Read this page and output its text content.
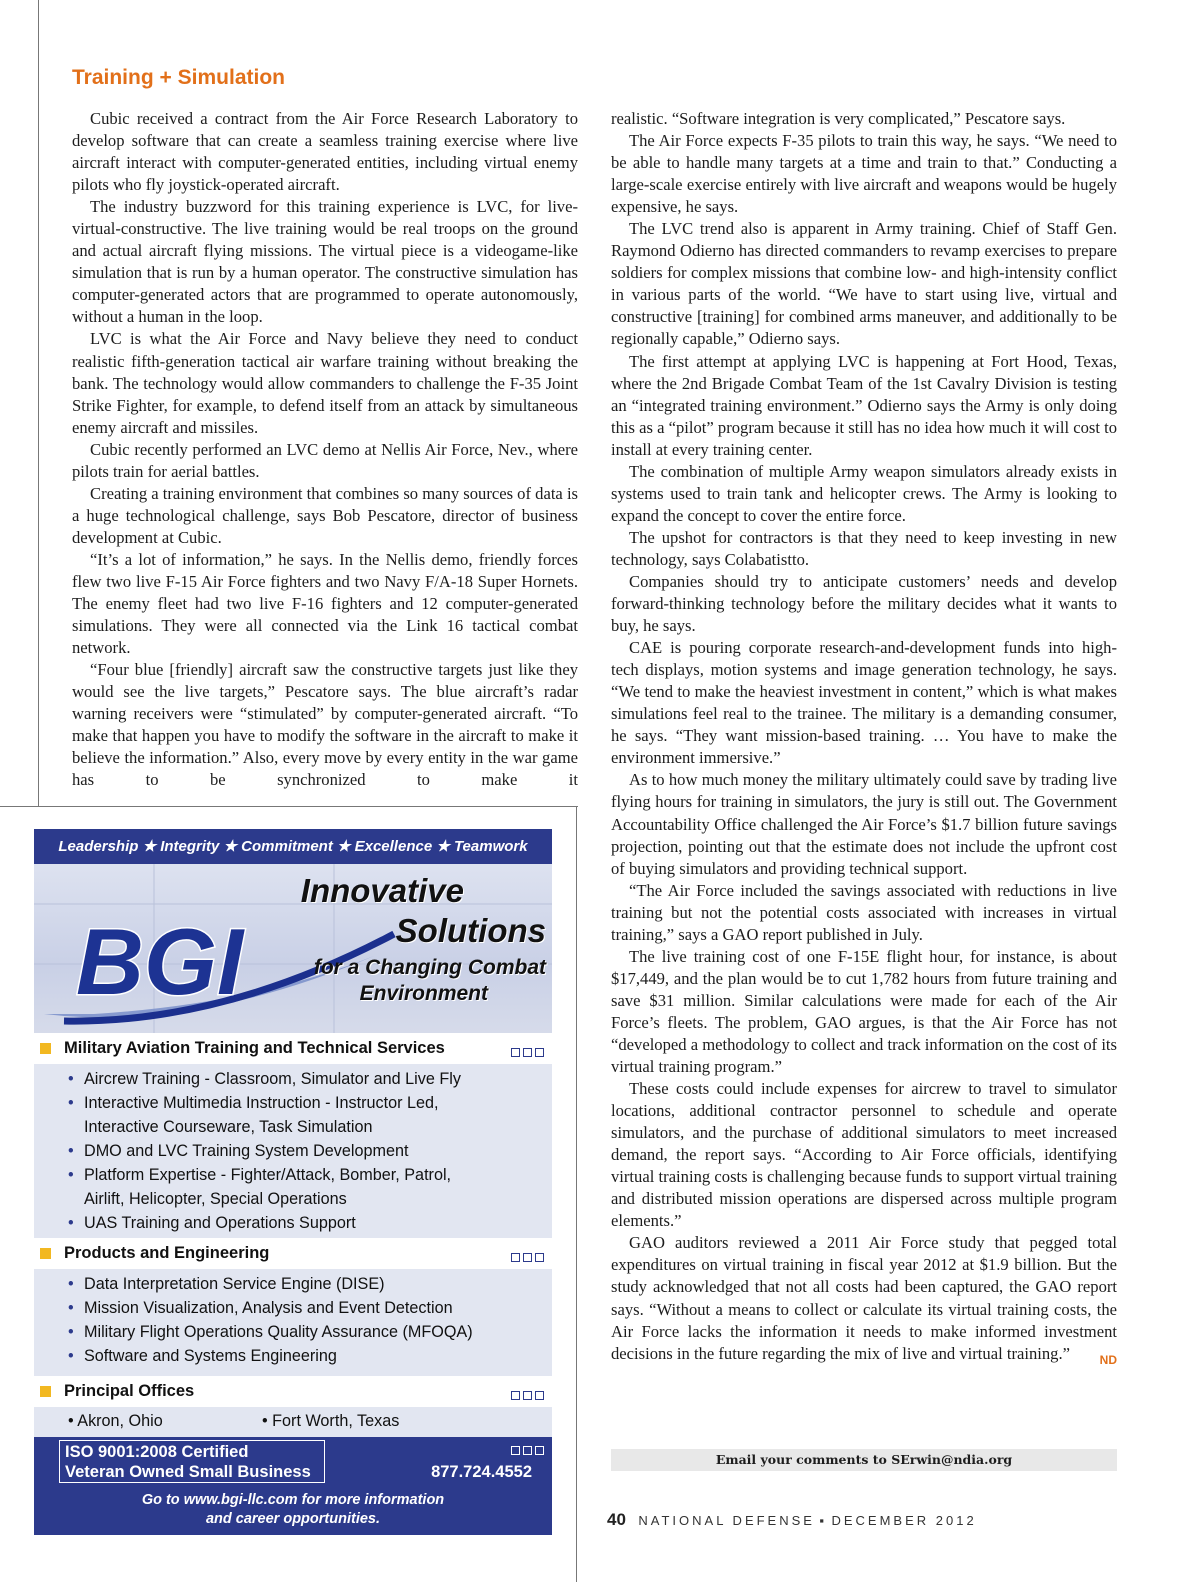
Training + Simulation

Cubic received a contract from the Air Force Research Laboratory to develop software that can create a seamless training exercise where live aircraft interact with computer-generated entities, including virtual enemy pilots who fly joystick-operated aircraft.

The industry buzzword for this training experience is LVC, for live-virtual-constructive. The live training would be real troops on the ground and actual aircraft flying missions. The virtual piece is a videogame-like simulation that is run by a human operator. The constructive simulation has computer-generated actors that are programmed to operate autonomously, without a human in the loop.

LVC is what the Air Force and Navy believe they need to conduct realistic fifth-generation tactical air warfare training without breaking the bank. The technology would allow commanders to challenge the F-35 Joint Strike Fighter, for example, to defend itself from an attack by simultaneous enemy aircraft and missiles.

Cubic recently performed an LVC demo at Nellis Air Force, Nev., where pilots train for aerial battles.

Creating a training environment that combines so many sources of data is a huge technological challenge, says Bob Pescatore, director of business development at Cubic.

“It’s a lot of information,” he says. In the Nellis demo, friendly forces flew two live F-15 Air Force fighters and two Navy F/A-18 Super Hornets. The enemy fleet had two live F-16 fighters and 12 computer-generated simulations. They were all connected via the Link 16 tactical combat network.

“Four blue [friendly] aircraft saw the constructive targets just like they would see the live targets,” Pescatore says. The blue aircraft’s radar warning receivers were “stimulated” by computer-generated aircraft. “To make that happen you have to modify the software in the aircraft to make it believe the information.” Also, every move by every entity in the war game has to be synchronized to make it

realistic. “Software integration is very complicated,” Pescatore says.

The Air Force expects F-35 pilots to train this way, he says. “We need to be able to handle many targets at a time and train to that.” Conducting a large-scale exercise entirely with live aircraft and weapons would be hugely expensive, he says.

The LVC trend also is apparent in Army training. Chief of Staff Gen. Raymond Odierno has directed commanders to revamp exercises to prepare soldiers for complex missions that combine low- and high-intensity conflict in various parts of the world. “We have to start using live, virtual and constructive [training] for combined arms maneuver, and additionally to be regionally capable,” Odierno says.

The first attempt at applying LVC is happening at Fort Hood, Texas, where the 2nd Brigade Combat Team of the 1st Cavalry Division is testing an “integrated training environment.” Odierno says the Army is only doing this as a “pilot” program because it still has no idea how much it will cost to install at every training center.

The combination of multiple Army weapon simulators already exists in systems used to train tank and helicopter crews. The Army is looking to expand the concept to cover the entire force.

The upshot for contractors is that they need to keep investing in new technology, says Colabatistto.

Companies should try to anticipate customers’ needs and develop forward-thinking technology before the military decides what it wants to buy, he says.

CAE is pouring corporate research-and-development funds into high-tech displays, motion systems and image generation technology, he says. “We tend to make the heaviest investment in content,” which is what makes simulations feel real to the trainee. The military is a demanding consumer, he says. “They want mission-based training. … You have to make the environment immersive.”

As to how much money the military ultimately could save by trading live flying hours for training in simulators, the jury is still out. The Government Accountability Office challenged the Air Force’s $1.7 billion future savings projection, pointing out that the estimate does not include the upfront cost of buying simulators and providing technical support.

“The Air Force included the savings associated with reductions in live training but not the potential costs associated with increases in virtual training,” says a GAO report published in July.

The live training cost of one F-15E flight hour, for instance, is about $17,449, and the plan would be to cut 1,782 hours from future training and save $31 million. Similar calculations were made for each of the Air Force’s fleets. The problem, GAO argues, is that the Air Force has not “developed a methodology to collect and track information on the cost of its virtual training program.”

These costs could include expenses for aircrew to travel to simulator locations, additional contractor personnel to schedule and operate simulators, and the purchase of additional simulators to meet increased demand, the report says. “According to Air Force officials, identifying virtual training costs is challenging because funds to support virtual training and distributed mission operations are dispersed across multiple program elements.”

GAO auditors reviewed a 2011 Air Force study that pegged total expenditures on virtual training in fiscal year 2012 at $1.9 billion. But the study acknowledged that not all costs had been captured, the GAO report says. “Without a means to collect or calculate its virtual training costs, the Air Force lacks the information it needs to make informed investment decisions in the future regarding the mix of live and virtual training.”	ND

Email your comments to SErwin@ndia.org
40 NATIONAL DEFENSE ▪ DECEMBER 2012
Leadership ★ Integrity ★ Commitment ★ Excellence ★ Teamwork
BGI
Innovative
Solutions
for a Changing Combat
Environment
Military Aviation Training and Technical Services
• Aircrew Training - Classroom, Simulator and Live Fly
• Interactive Multimedia Instruction - Instructor Led,
Interactive Courseware, Task Simulation
• DMO and LVC Training System Development
• Platform Expertise - Fighter/Attack, Bomber, Patrol,
Airlift, Helicopter, Special Operations
• UAS Training and Operations Support
Products and Engineering
• Data Interpretation Service Engine (DISE)
• Mission Visualization, Analysis and Event Detection
• Military Flight Operations Quality Assurance (MFOQA)
• Software and Systems Engineering
Principal Offices
• Akron, Ohio	• Fort Worth, Texas
ISO 9001:2008 Certified
Veteran Owned Small Business	877.724.4552
Go to www.bgi-llc.com for more information
and career opportunities.
